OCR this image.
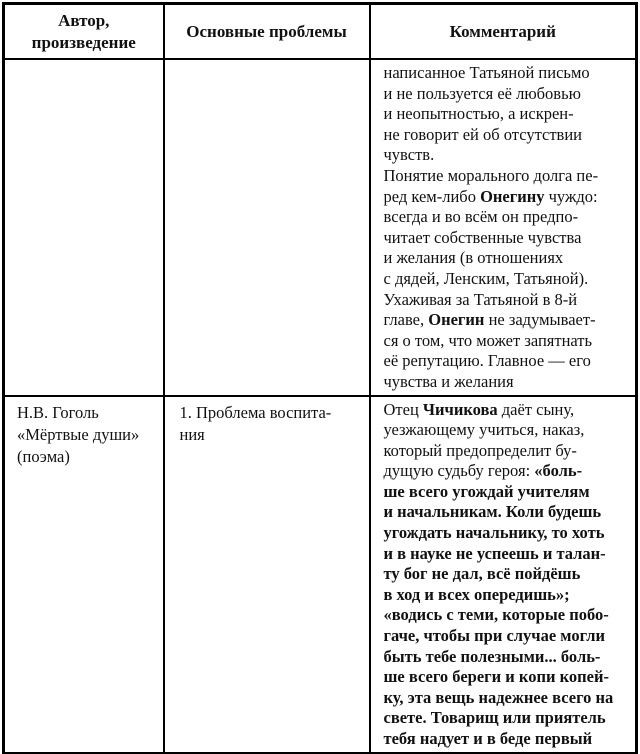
Автор,
произведение	Основные проблемы	Комментарий
		написанное Татьяной письмо
и не пользуется её любовью
и неопытностью, а искрен-
не говорит ей об отсутствии
чувств.
Понятие морального долга пе-
ред кем-либо Онегину чуждо:
всегда и во всём он предпо-
читает собственные чувства
и желания (в отношениях
с дядей, Ленским, Татьяной).
Ухаживая за Татьяной в 8-й
главе, Онегин не задумывает-
ся о том, что может запятнать
её репутацию. Главное — его
чувства и желания
Н.В. Гоголь
«Мёртвые души»
(поэма)	1. Проблема воспита-
ния	Отец Чичикова даёт сыну,
уезжающему учиться, наказ,
который предопределит бу-
дущую судьбу героя: «боль-
ше всего угождай учителям
и начальникам. Коли будешь
угождать начальнику, то хоть
и в науке не успеешь и талан-
ту бог не дал, всё пойдёшь
в ход и всех опередишь»;
«водись с теми, которые побо-
гаче, чтобы при случае могли
быть тебе полезными... боль-
ше всего береги и копи копей-
ку, эта вещь надежнее всего на
свете. Товарищ или приятель
тебя надует и в беде первый
